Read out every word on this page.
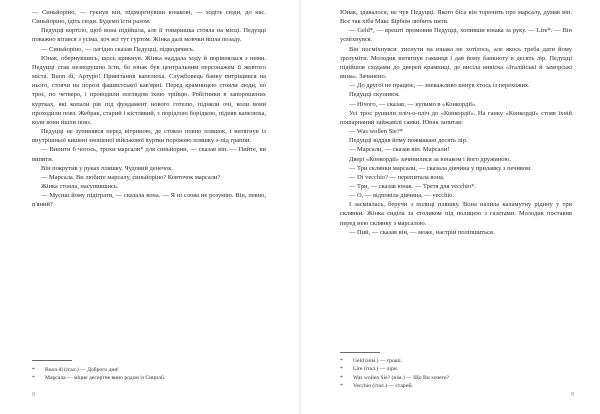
— Синьйоріно, — гукнув він, підморгнувши юнакові, — ходіть сюди, до нас. Синьйоріно, ідіть сюди. Будемо їсти разом.

Педуцці кортіло, щоб вона підійшла, але її товаришка стояла на місці. Педуцці поважно вітався з усіма, хоч всі тут гуртом. Жінка далі мовчки йшла позаду.

— Синьйоріно, — лагідно сказав Педуцці, підводячись.

Юнак, обернувшись, щось крикнув. Жінка наддала ходу й порівнялася з ними. Педуцці став незворушно їсти, бо юнак був центральним персонажем її жовтого міста. Buon dì, Артуро! Привітання капелюха. Службовець банку витріщився на нього, стоячи на порозі фашистської кав'ярні. Перед крамницею стояли люди, по троє, по четверо, і проводили поглядом їхню трійцю. Робітники в запорошених куртках, які копали рів під фундамент нового готелю, підняли очі, коли вони проходили повз. Жебрак, старий і кістлявий, з порідлою борідкою, підняв капелюха, коли вони йшли повз.

Педуцці не зупинявся перед вітриною, де стояло повно пляшок, і витягнув із внутрішньої кишені зношеної військової куртки порожню пляшку з-під граппи.

— Випити б чогось, трохи марсали* для синьйорин, — сказав він. — Пийте, ви випити.

Він покрутив у руках пляшку. Чудовий денечок.

— Марсала. Ви любите марсалу, синьйоріно? Ковточок марсали?

Жінка стояла, насупившись.

— Мусиш йому підіграти, — сказала вона. — Я ні слова не розумію. Він, певно, п'яний?

*	Buon dì (італ.) — Доброго дня!
*	Марсала — міцне десертне вино родом із Сицилії.
8

Юнак, здавалося, не чув Педуцці. Якого біса він торочить про марсалу, думав він. Все так хіба Макс Бірбом любить пити.

— Geld*, — врешті промовив Педуцці, хопивши юнака за руку. — Lire*. — Він усміхнувся.

Він посміхнувся: тиснути на юнака не хотілось, але якось треба дати йому зрозуміти. Молодик витягнув гаманця і дав йому банкноту в десять лір. Педуцці підійшов сходами до дверей крамниці, де висіла вивіска «Італійські й заморські вина». Зачинено.

— До другої не працює, — зневажливо кинув хтось із перехожих.

Педуцці скупився.

— Нічого, — сказав, — купимо в «Конкордії».

Усі троє рушили пліч-о-пліч до «Конкордії». На ганку «Конкордії» стояв їхній пошарпаний зайжавілі санки. Юнак запитав:

— Was wollen Sie?*

Педуцці віддав йому пожмакані десять лір.

— Марсали, — сказав він. Марсали!

Двері «Конкордії» зачинилися за юнаком і його дружиною.

— Три склянки марсали, — сказала дівчина у прилавку з печивом.

— Di vecchio? — перепитала вона.

— Три, — сказав юнак. — Третя для vecchio*.

— О, — відповіла дівчина, — vecchio.

І засміялась, беручи з полиці пляшку. Вона налила каламутну рідину у три склянки. Жінка сиділа за столиком під полицею з газетами. Молодик поставив перед нею склянку з марсалою.

— Пий, — сказав він, — може, настрій поліпшиться.

*	Geld (нім.) — гроші.
*	Lire (італ.) — ліри.
*	Was wollen Sie? (нім.) — Що Ви хочете?
*	Vecchio (італ.) — старий.
9
